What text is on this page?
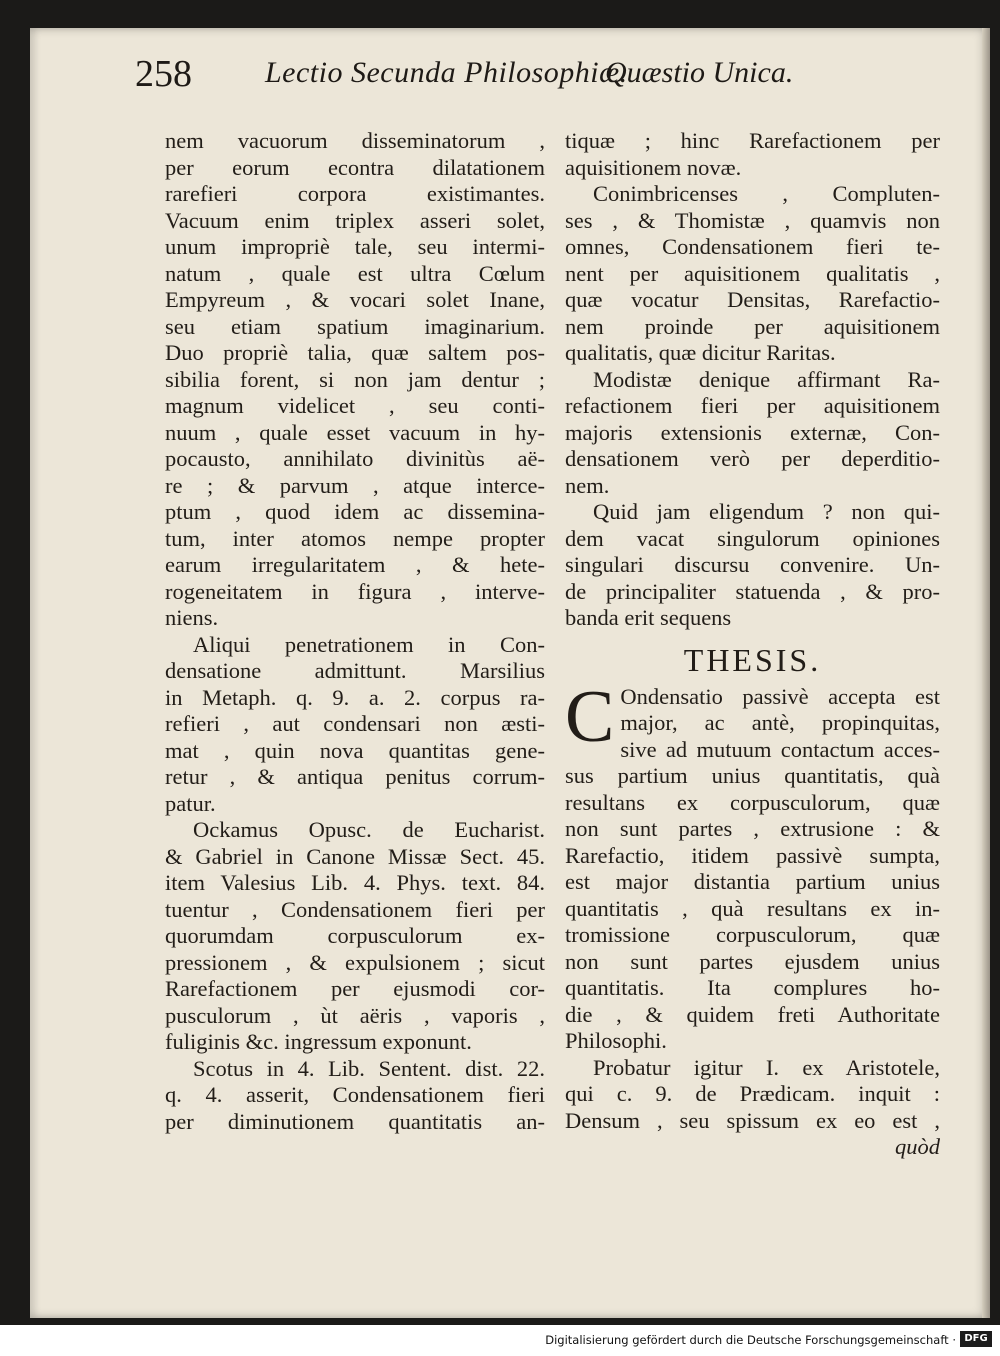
258 Lectio Secunda Philosophiæ.
Quæstio Unica.
nem vacuorum disseminatorum ,
per eorum econtra dilatationem
rarefieri corpora existimantes.
Vacuum enim triplex asseri solet,
unum impropriè tale, seu intermi-
natum , quale est ultra Cœlum
Empyreum , & vocari solet Inane,
seu etiam spatium imaginarium.
Duo propriè talia, quæ saltem pos-
sibilia forent, si non jam dentur ;
magnum videlicet , seu conti-
nuum , quale esset vacuum in hy-
pocausto, annihilato divinitùs aë-
re ; & parvum , atque interce-
ptum , quod idem ac dissemina-
tum, inter atomos nempe propter
earum irregularitatem , & hete-
rogeneitatem in figura , interve-
niens.
Aliqui penetrationem in Con-
densatione admittunt. Marsilius
in Metaph. q. 9. a. 2. corpus ra-
refieri , aut condensari non æsti-
mat , quin nova quantitas gene-
retur , & antiqua penitus corrum-
patur.
Ockamus Opusc. de Eucharist.
& Gabriel in Canone Missæ Sect. 45.
item Valesius Lib. 4. Phys. text. 84.
tuentur , Condensationem fieri per
quorumdam corpusculorum ex-
pressionem , & expulsionem ; sicut
Rarefactionem per ejusmodi cor-
pusculorum , ùt aëris , vaporis ,
fuliginis &c. ingressum exponunt.
Scotus in 4. Lib. Sentent. dist. 22.
q. 4. asserit, Condensationem fieri
per diminutionem quantitatis an-
tiquæ ; hinc Rarefactionem per
aquisitionem novæ.
Conimbricenses , Compluten-
ses , & Thomistæ , quamvis non
omnes, Condensationem fieri te-
nent per aquisitionem qualitatis ,
quæ vocatur Densitas, Rarefactio-
nem proinde per aquisitionem
qualitatis, quæ dicitur Raritas.
Modistæ denique affirmant Ra-
refactionem fieri per aquisitionem
majoris extensionis externæ, Con-
densationem verò per deperditio-
nem.
Quid jam eligendum ? non qui-
dem vacat singulorum opiniones
singulari discursu convenire. Un-
de principaliter statuenda , & pro-
banda erit sequens
THESIS.
C Ondensatio passivè accepta est
major, ac antè, propinquitas,
sive ad mutuum contactum acces-
sus partium unius quantitatis, quà
resultans ex corpusculorum, quæ
non sunt partes , extrusione : &
Rarefactio, itidem passivè sumpta,
est major distantia partium unius
quantitatis , quà resultans ex in-
tromissione corpusculorum, quæ
non sunt partes ejusdem unius
quantitatis. Ita complures ho-
die , & quidem freti Authoritate
Philosophi.
Probatur igitur I. ex Aristotele,
qui c. 9. de Prædicam. inquit :
Densum , seu spissum ex eo est ,
quòd
Digitalisierung gefördert durch die Deutsche Forschungsgemeinschaft · DFG
